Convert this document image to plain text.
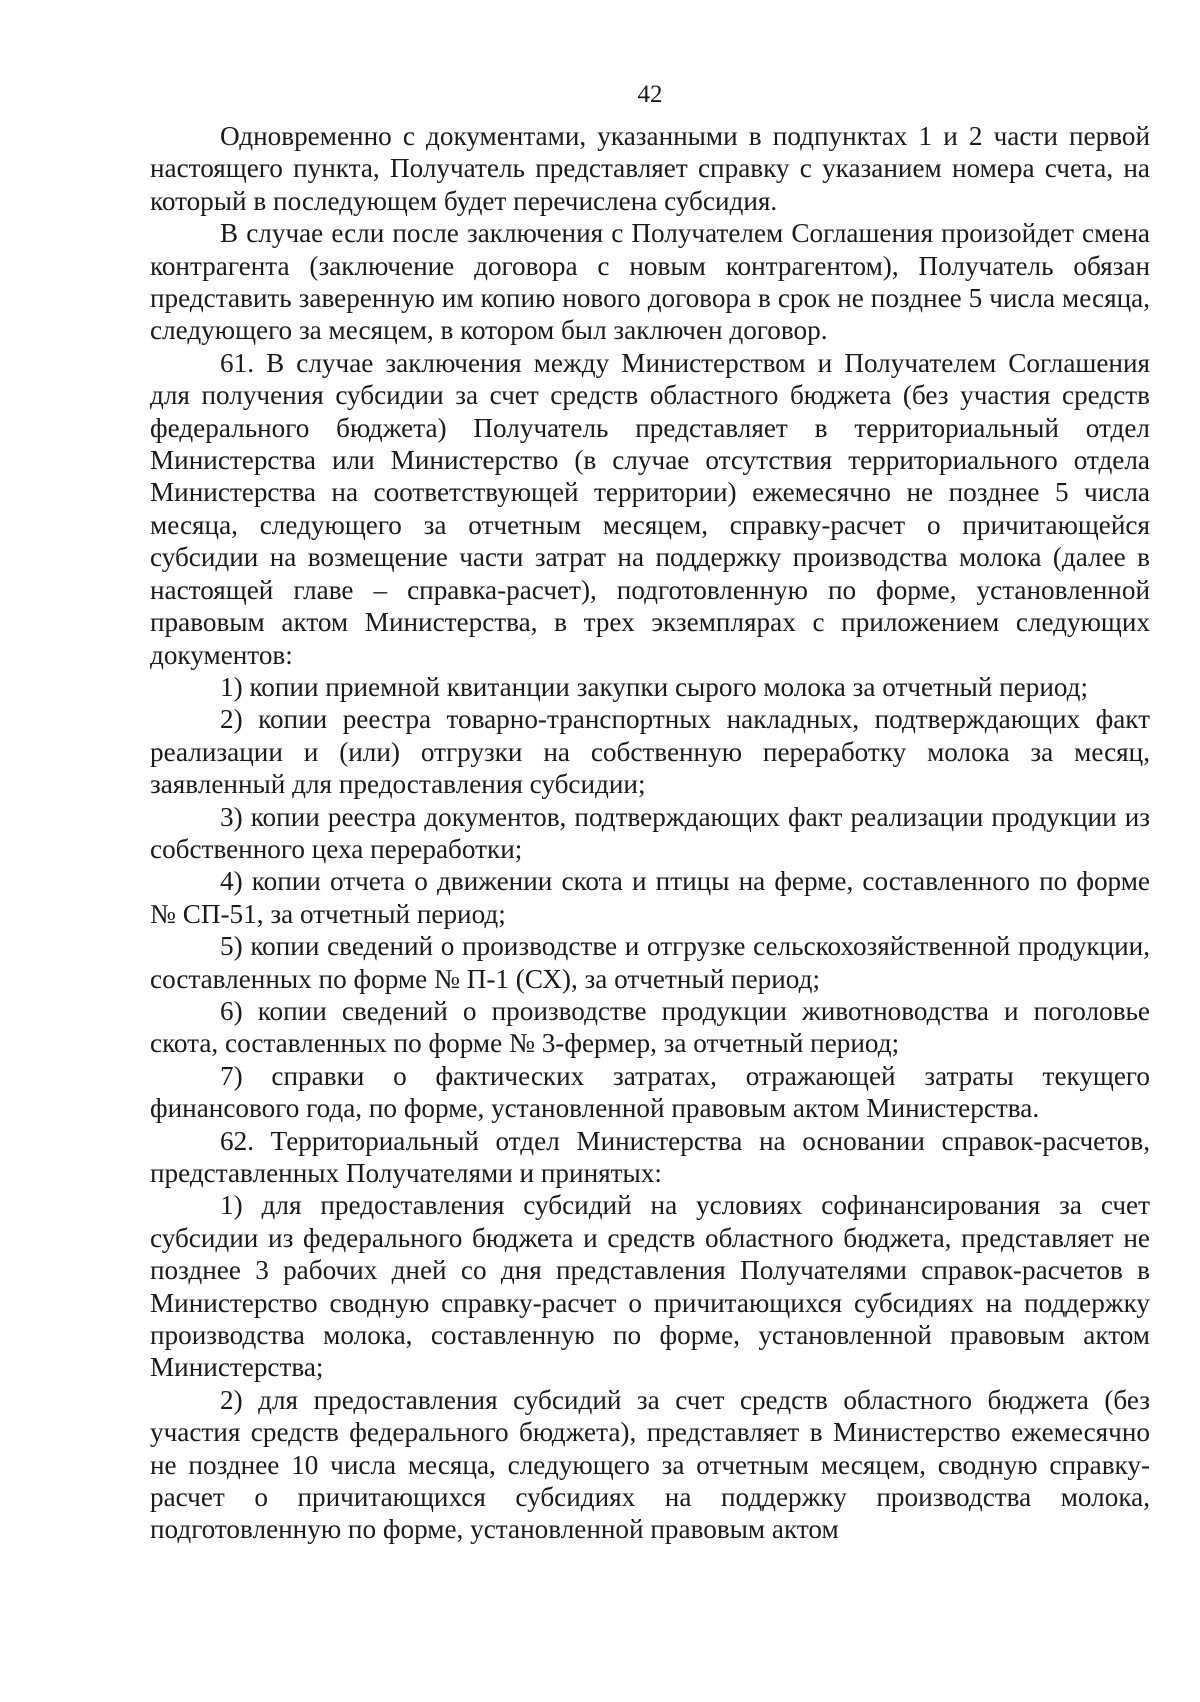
42

Одновременно с документами, указанными в подпунктах 1 и 2 части первой настоящего пункта, Получатель представляет справку с указанием номера счета, на который в последующем будет перечислена субсидия.

В случае если после заключения с Получателем Соглашения произойдет смена контрагента (заключение договора с новым контрагентом), Получатель обязан представить заверенную им копию нового договора в срок не позднее 5 числа месяца, следующего за месяцем, в котором был заключен договор.

61. В случае заключения между Министерством и Получателем Соглашения для получения субсидии за счет средств областного бюджета (без участия средств федерального бюджета) Получатель представляет в территориальный отдел Министерства или Министерство (в случае отсутствия территориального отдела Министерства на соответствующей территории) ежемесячно не позднее 5 числа месяца, следующего за отчетным месяцем, справку-расчет о причитающейся субсидии на возмещение части затрат на поддержку производства молока (далее в настоящей главе – справка-расчет), подготовленную по форме, установленной правовым актом Министерства, в трех экземплярах с приложением следующих документов:

1) копии приемной квитанции закупки сырого молока за отчетный период;

2) копии реестра товарно-транспортных накладных, подтверждающих факт реализации и (или) отгрузки на собственную переработку молока за месяц, заявленный для предоставления субсидии;

3) копии реестра документов, подтверждающих факт реализации продукции из собственного цеха переработки;

4) копии отчета о движении скота и птицы на ферме, составленного по форме № СП-51, за отчетный период;

5) копии сведений о производстве и отгрузке сельскохозяйственной продукции, составленных по форме № П-1 (СХ), за отчетный период;

6) копии сведений о производстве продукции животноводства и поголовье скота, составленных по форме № 3-фермер, за отчетный период;

7) справки о фактических затратах, отражающей затраты текущего финансового года, по форме, установленной правовым актом Министерства.

62. Территориальный отдел Министерства на основании справок-расчетов, представленных Получателями и принятых:

1) для предоставления субсидий на условиях софинансирования за счет субсидии из федерального бюджета и средств областного бюджета, представляет не позднее 3 рабочих дней со дня представления Получателями справок-расчетов в Министерство сводную справку-расчет о причитающихся субсидиях на поддержку производства молока, составленную по форме, установленной правовым актом Министерства;

2) для предоставления субсидий за счет средств областного бюджета (без участия средств федерального бюджета), представляет в Министерство ежемесячно не позднее 10 числа месяца, следующего за отчетным месяцем, сводную справку-расчет о причитающихся субсидиях на поддержку производства молока, подготовленную по форме, установленной правовым актом
